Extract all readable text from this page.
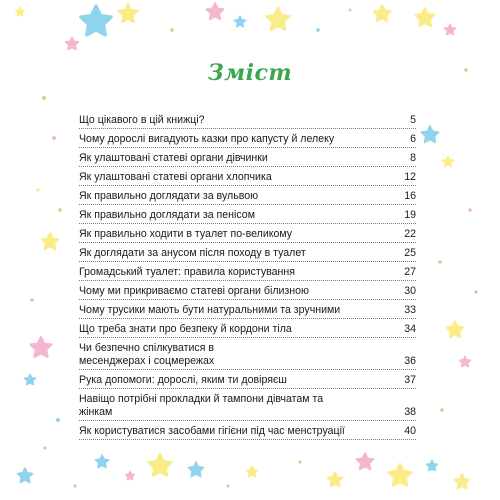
Зміст
Що цікавого в цій книжці?	5
Чому дорослі вигадують казки про капусту й лелеку	6
Як улаштовані статеві органи дівчинки	8
Як улаштовані статеві органи хлопчика	12
Як правильно доглядати за вульвою	16
Як правильно доглядати за пенісом	19
Як правильно ходити в туалет по-великому	22
Як доглядати за анусом після походу в туалет	25
Громадський туалет: правила користування	27
Чому ми прикриваємо статеві органи білизною	30
Чому трусики мають бути натуральними та зручними	33
Що треба знати про безпеку й кордони тіла	34
Чи безпечно спілкуватися в месенджерах і соцмережах	36
Рука допомоги: дорослі, яким ти довіряєш	37
Навіщо потрібні прокладки й тампони дівчатам та жінкам	38
Як користуватися засобами гігієни під час менструації	40
